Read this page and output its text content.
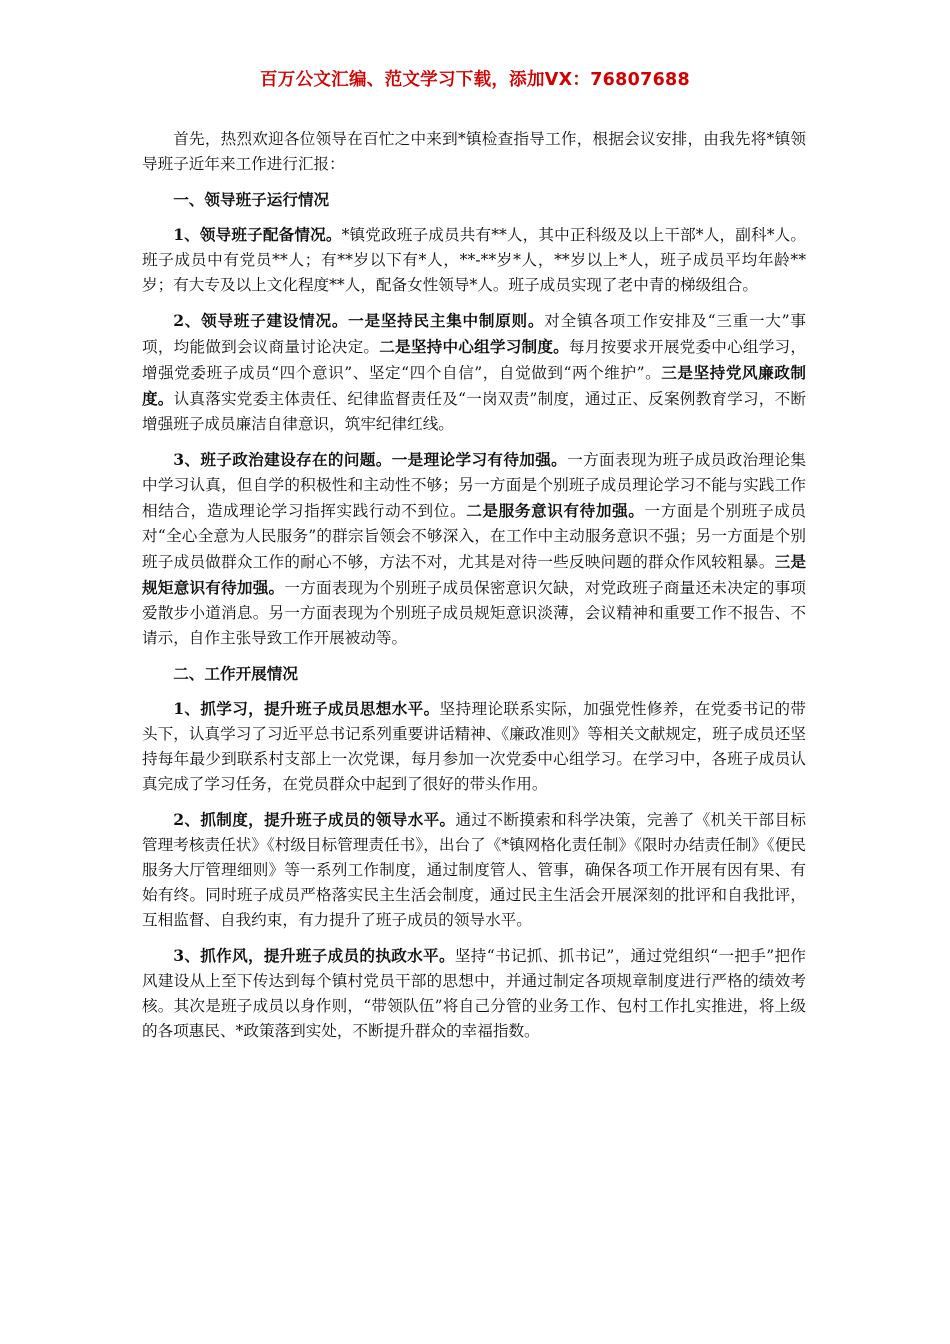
百万公文汇编、范文学习下载，添加VX：76807688

首先，热烈欢迎各位领导在百忙之中来到*镇检查指导工作，根据会议安排，由我先将*镇领导班子近年来工作进行汇报：

一、领导班子运行情况

1、领导班子配备情况。*镇党政班子成员共有**人，其中正科级及以上干部*人，副科*人。班子成员中有党员**人；有**岁以下有*人，**-**岁*人，**岁以上*人，班子成员平均年龄**岁；有大专及以上文化程度**人，配备女性领导*人。班子成员实现了老中青的梯级组合。

2、领导班子建设情况。一是坚持民主集中制原则。对全镇各项工作安排及“三重一大”事项，均能做到会议商量讨论决定。二是坚持中心组学习制度。每月按要求开展党委中心组学习，增强党委班子成员“四个意识”、坚定“四个自信”，自觉做到“两个维护”。三是坚持党风廉政制度。认真落实党委主体责任、纪律监督责任及“一岗双责”制度，通过正、反案例教育学习，不断增强班子成员廉洁自律意识，筑牢纪律红线。

3、班子政治建设存在的问题。一是理论学习有待加强。一方面表现为班子成员政治理论集中学习认真，但自学的积极性和主动性不够；另一方面是个别班子成员理论学习不能与实践工作相结合，造成理论学习指挥实践行动不到位。二是服务意识有待加强。一方面是个别班子成员对“全心全意为人民服务”的群宗旨领会不够深入，在工作中主动服务意识不强；另一方面是个别班子成员做群众工作的耐心不够，方法不对，尤其是对待一些反映问题的群众作风较粗暴。三是规矩意识有待加强。一方面表现为个别班子成员保密意识欠缺，对党政班子商量还未决定的事项爱散步小道消息。另一方面表现为个别班子成员规矩意识淡薄，会议精神和重要工作不报告、不请示，自作主张导致工作开展被动等。

二、工作开展情况

1、抓学习，提升班子成员思想水平。坚持理论联系实际，加强党性修养，在党委书记的带头下，认真学习了习近平总书记系列重要讲话精神、《廉政准则》等相关文献规定，班子成员还坚持每年最少到联系村支部上一次党课，每月参加一次党委中心组学习。在学习中，各班子成员认真完成了学习任务，在党员群众中起到了很好的带头作用。

2、抓制度，提升班子成员的领导水平。通过不断摸索和科学决策，完善了《机关干部目标管理考核责任状》《村级目标管理责任书》，出台了《*镇网格化责任制》《限时办结责任制》《便民服务大厅管理细则》等一系列工作制度，通过制度管人、管事，确保各项工作开展有因有果、有始有终。同时班子成员严格落实民主生活会制度，通过民主生活会开展深刻的批评和自我批评，互相监督、自我约束，有力提升了班子成员的领导水平。

3、抓作风，提升班子成员的执政水平。坚持“书记抓、抓书记”，通过党组织“一把手”把作风建设从上至下传达到每个镇村党员干部的思想中，并通过制定各项规章制度进行严格的绩效考核。其次是班子成员以身作则，“带领队伍”将自己分管的业务工作、包村工作扎实推进，将上级的各项惠民、*政策落到实处，不断提升群众的幸福指数。
